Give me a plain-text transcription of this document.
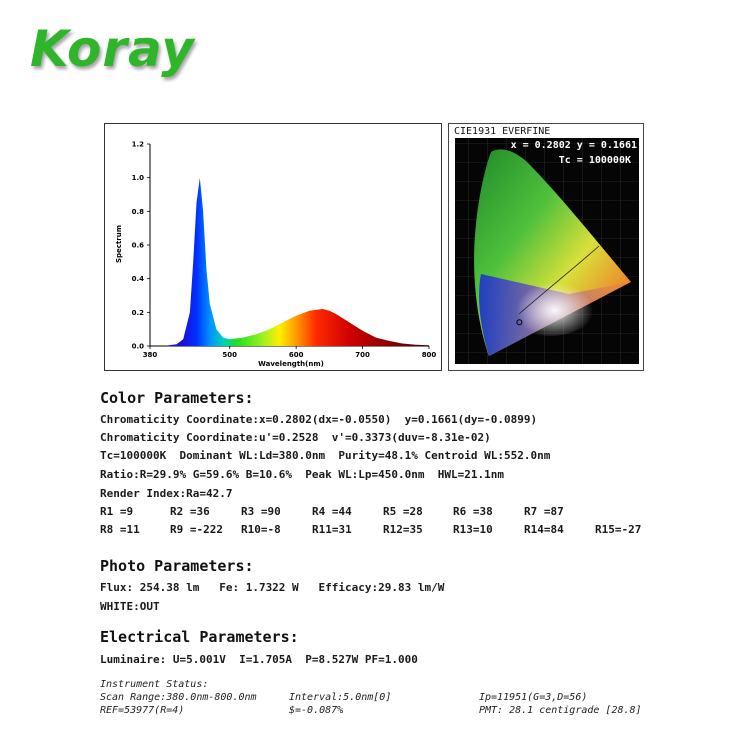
Koray
380	500	600	700	800
0.0
0.2
0.4
0.6
0.8
1.0
1.2
Wavelength(nm)
Spectrum
CIE1931 EVERFINE
x = 0.2802 y = 0.1661
Tc = 100000K
Color Parameters:
Chromaticity Coordinate:x=0.2802(dx=-0.0550)  y=0.1661(dy=-0.0899)
Chromaticity Coordinate:u'=0.2528  v'=0.3373(duv=-8.31e-02)
Tc=100000K  Dominant WL:Ld=380.0nm  Purity=48.1% Centroid WL:552.0nm
Ratio:R=29.9% G=59.6% B=10.6%  Peak WL:Lp=450.0nm  HWL=21.1nm
Render Index:Ra=42.7
R1 =9	R2 =36	R3 =90	R4 =44	R5 =28	R6 =38	R7 =87
R8 =11	R9 =-222 R10=-8	R11=31	R12=35	R13=10	R14=84	R15=-27
Photo Parameters:
Flux: 254.38 lm   Fe: 1.7322 W   Efficacy:29.83 lm/W
WHITE:OUT
Electrical Parameters:
Luminaire: U=5.001V  I=1.705A  P=8.527W PF=1.000
Instrument Status:
Scan Range:380.0nm-800.0nm	Interval:5.0nm[0]	Ip=11951(G=3,D=56)
REF=53977(R=4)	$=-0.087%	PMT: 28.1 centigrade [28.8]
